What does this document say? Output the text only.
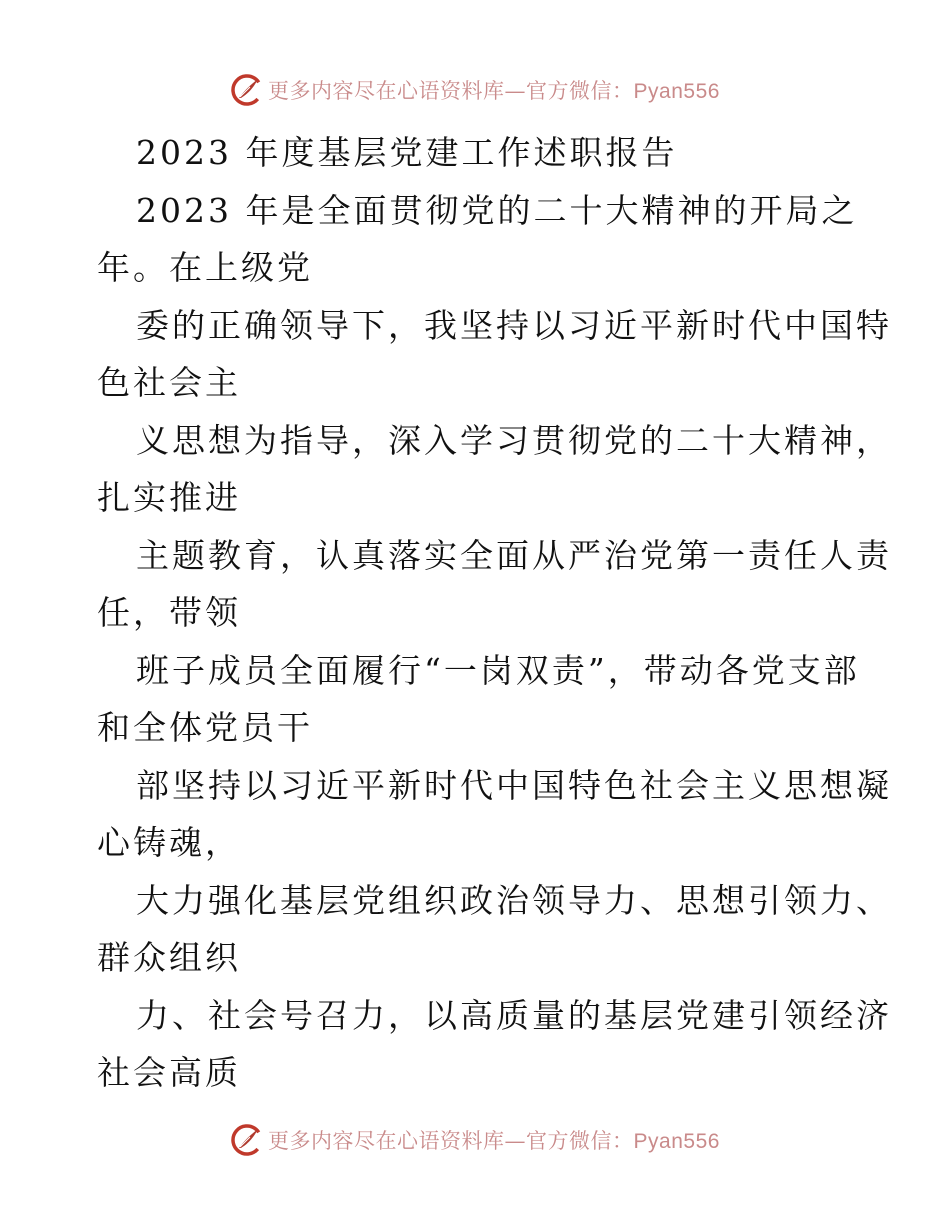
更多内容尽在心语资料库—官方微信：Pyan556
2023 年度基层党建工作述职报告
2023 年是全面贯彻党的二十大精神的开局之
年。在上级党
委的正确领导下，我坚持以习近平新时代中国特
色社会主
义思想为指导，深入学习贯彻党的二十大精神，
扎实推进
主题教育，认真落实全面从严治党第一责任人责
任，带领
班子成员全面履行“一岗双责”，带动各党支部
和全体党员干
部坚持以习近平新时代中国特色社会主义思想凝
心铸魂，
大力强化基层党组织政治领导力、思想引领力、
群众组织
力、社会号召力，以高质量的基层党建引领经济
社会高质
更多内容尽在心语资料库—官方微信：Pyan556
